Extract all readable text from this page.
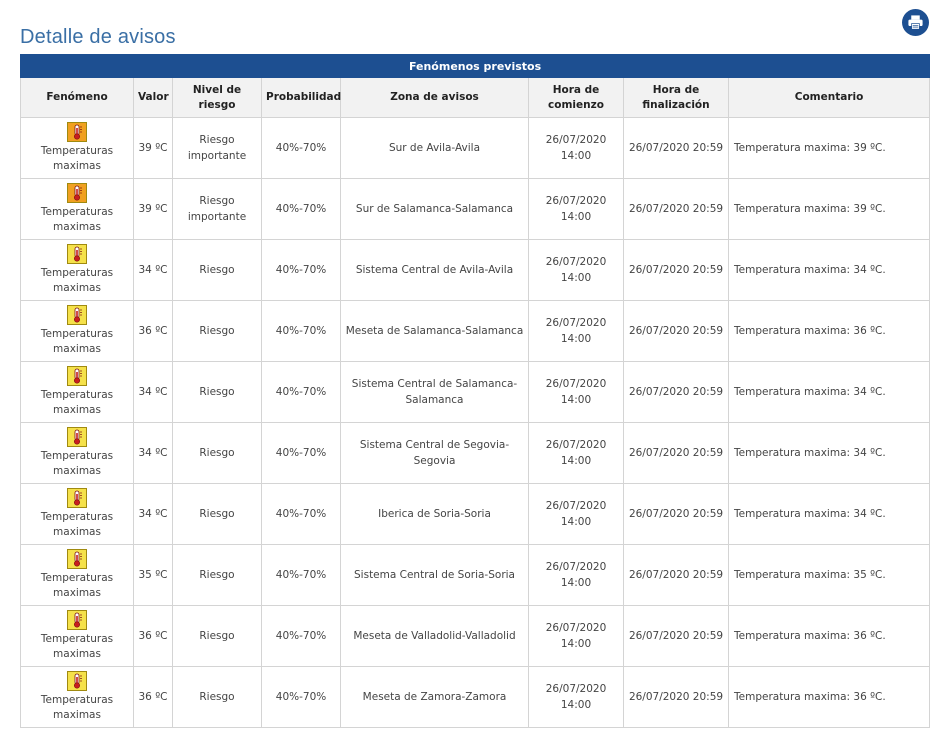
Detalle de avisos
Fenómenos previstos							
Fenómeno	Valor	Nivel de riesgo	Probabilidad	Zona de avisos	Hora de comienzo	Hora de finalización	Comentario

Temperaturas maximas	39 ºC	Riesgo importante	40%-70%	Sur de Avila-Avila	26/07/2020 14:00	26/07/2020 20:59	Temperatura maxima: 39 ºC.

Temperaturas maximas	39 ºC	Riesgo importante	40%-70%	Sur de Salamanca-Salamanca	26/07/2020 14:00	26/07/2020 20:59	Temperatura maxima: 39 ºC.

Temperaturas maximas	34 ºC	Riesgo	40%-70%	Sistema Central de Avila-Avila	26/07/2020 14:00	26/07/2020 20:59	Temperatura maxima: 34 ºC.

Temperaturas maximas	36 ºC	Riesgo	40%-70%	Meseta de Salamanca-Salamanca	26/07/2020 14:00	26/07/2020 20:59	Temperatura maxima: 36 ºC.

Temperaturas maximas	34 ºC	Riesgo	40%-70%	Sistema Central de Salamanca-Salamanca	26/07/2020 14:00	26/07/2020 20:59	Temperatura maxima: 34 ºC.

Temperaturas maximas	34 ºC	Riesgo	40%-70%	Sistema Central de Segovia-Segovia	26/07/2020 14:00	26/07/2020 20:59	Temperatura maxima: 34 ºC.

Temperaturas maximas	34 ºC	Riesgo	40%-70%	Iberica de Soria-Soria	26/07/2020 14:00	26/07/2020 20:59	Temperatura maxima: 34 ºC.

Temperaturas maximas	35 ºC	Riesgo	40%-70%	Sistema Central de Soria-Soria	26/07/2020 14:00	26/07/2020 20:59	Temperatura maxima: 35 ºC.

Temperaturas maximas	36 ºC	Riesgo	40%-70%	Meseta de Valladolid-Valladolid	26/07/2020 14:00	26/07/2020 20:59	Temperatura maxima: 36 ºC.

Temperaturas maximas	36 ºC	Riesgo	40%-70%	Meseta de Zamora-Zamora	26/07/2020 14:00	26/07/2020 20:59	Temperatura maxima: 36 ºC.
